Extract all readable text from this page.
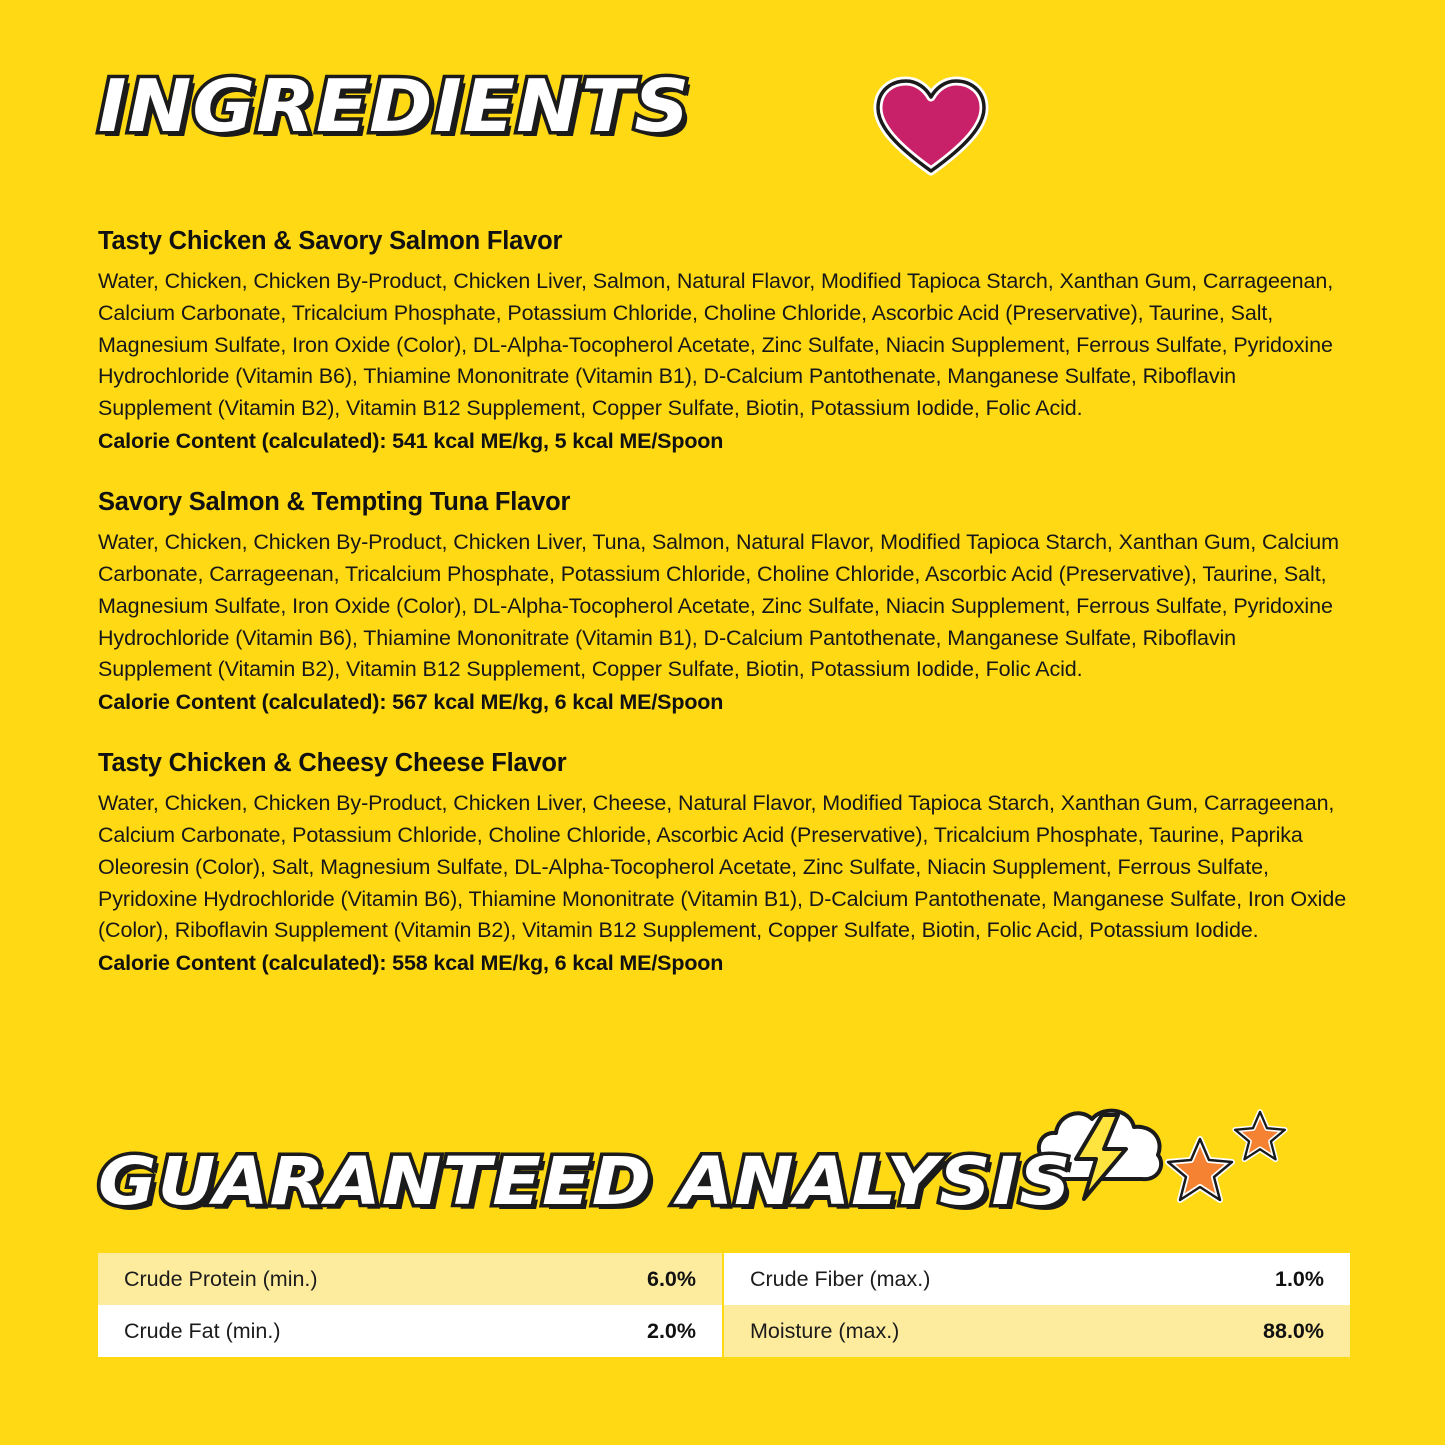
INGREDIENTS
Tasty Chicken & Savory Salmon Flavor

Water, Chicken, Chicken By-Product, Chicken Liver, Salmon, Natural Flavor, Modified Tapioca Starch, Xanthan Gum, Carrageenan, Calcium Carbonate, Tricalcium Phosphate, Potassium Chloride, Choline Chloride, Ascorbic Acid (Preservative), Taurine, Salt, Magnesium Sulfate, Iron Oxide (Color), DL-Alpha-Tocopherol Acetate, Zinc Sulfate, Niacin Supplement, Ferrous Sulfate, Pyridoxine Hydrochloride (Vitamin B6), Thiamine Mononitrate (Vitamin B1), D-Calcium Pantothenate, Manganese Sulfate, Riboflavin Supplement (Vitamin B2), Vitamin B12 Supplement, Copper Sulfate, Biotin, Potassium Iodide, Folic Acid.

Calorie Content (calculated): 541 kcal ME/kg, 5 kcal ME/Spoon

Savory Salmon & Tempting Tuna Flavor

Water, Chicken, Chicken By-Product, Chicken Liver, Tuna, Salmon, Natural Flavor, Modified Tapioca Starch, Xanthan Gum, Calcium Carbonate, Carrageenan, Tricalcium Phosphate, Potassium Chloride, Choline Chloride, Ascorbic Acid (Preservative), Taurine, Salt, Magnesium Sulfate, Iron Oxide (Color), DL-Alpha-Tocopherol Acetate, Zinc Sulfate, Niacin Supplement, Ferrous Sulfate, Pyridoxine Hydrochloride (Vitamin B6), Thiamine Mononitrate (Vitamin B1), D-Calcium Pantothenate, Manganese Sulfate, Riboflavin Supplement (Vitamin B2), Vitamin B12 Supplement, Copper Sulfate, Biotin, Potassium Iodide, Folic Acid.

Calorie Content (calculated): 567 kcal ME/kg, 6 kcal ME/Spoon

Tasty Chicken & Cheesy Cheese Flavor

Water, Chicken, Chicken By-Product, Chicken Liver, Cheese, Natural Flavor, Modified Tapioca Starch, Xanthan Gum, Carrageenan, Calcium Carbonate, Potassium Chloride, Choline Chloride, Ascorbic Acid (Preservative), Tricalcium Phosphate, Taurine, Paprika Oleoresin (Color), Salt, Magnesium Sulfate, DL-Alpha-Tocopherol Acetate, Zinc Sulfate, Niacin Supplement, Ferrous Sulfate, Pyridoxine Hydrochloride (Vitamin B6), Thiamine Mononitrate (Vitamin B1), D-Calcium Pantothenate, Manganese Sulfate, Iron Oxide (Color), Riboflavin Supplement (Vitamin B2), Vitamin B12 Supplement, Copper Sulfate, Biotin, Folic Acid, Potassium Iodide.

Calorie Content (calculated): 558 kcal ME/kg, 6 kcal ME/Spoon

GUARANTEED ANALYSIS
Crude Protein (min.)	6.0%
Crude Fat (min.)	2.0%
Crude Fiber (max.)	1.0%
Moisture (max.)	88.0%
